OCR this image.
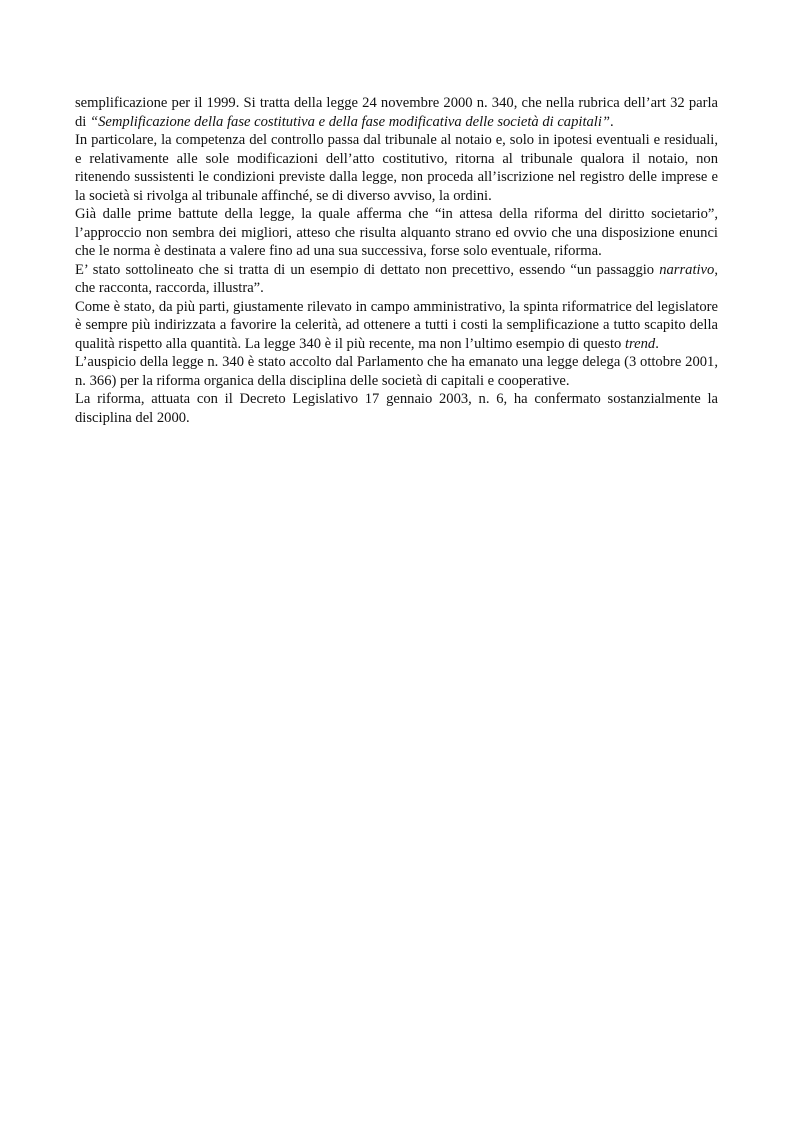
semplificazione per il 1999. Si tratta della legge 24 novembre 2000 n. 340, che nella rubrica dell’art 32 parla di “Semplificazione della fase costitutiva e della fase modificativa delle società di capitali”.

In particolare, la competenza del controllo passa dal tribunale al notaio e, solo in ipotesi eventuali e residuali, e relativamente alle sole modificazioni dell’atto costitutivo, ritorna al tribunale qualora il notaio, non ritenendo sussistenti le condizioni previste dalla legge, non proceda all’iscrizione nel registro delle imprese e la società si rivolga al tribunale affinché, se di diverso avviso, la ordini.

Già dalle prime battute della legge, la quale afferma che “in attesa della riforma del diritto societario”, l’approccio non sembra dei migliori, atteso che risulta alquanto strano ed ovvio che una disposizione enunci che le norma è destinata a valere fino ad una sua successiva, forse solo eventuale, riforma.

E’ stato sottolineato che si tratta di un esempio di dettato non precettivo, essendo “un passaggio narrativo, che racconta, raccorda, illustra”.

Come è stato, da più parti, giustamente rilevato in campo amministrativo, la spinta riformatrice del legislatore è sempre più indirizzata a favorire la celerità, ad ottenere a tutti i costi la semplificazione a tutto scapito della qualità rispetto alla quantità. La legge 340 è il più recente, ma non l’ultimo esempio di questo trend.

L’auspicio della legge n. 340 è stato accolto dal Parlamento che ha emanato una legge delega (3 ottobre 2001, n. 366) per la riforma organica della disciplina delle società di capitali e cooperative.

La riforma, attuata con il Decreto Legislativo 17 gennaio 2003, n. 6, ha confermato sostanzialmente la disciplina del 2000.
